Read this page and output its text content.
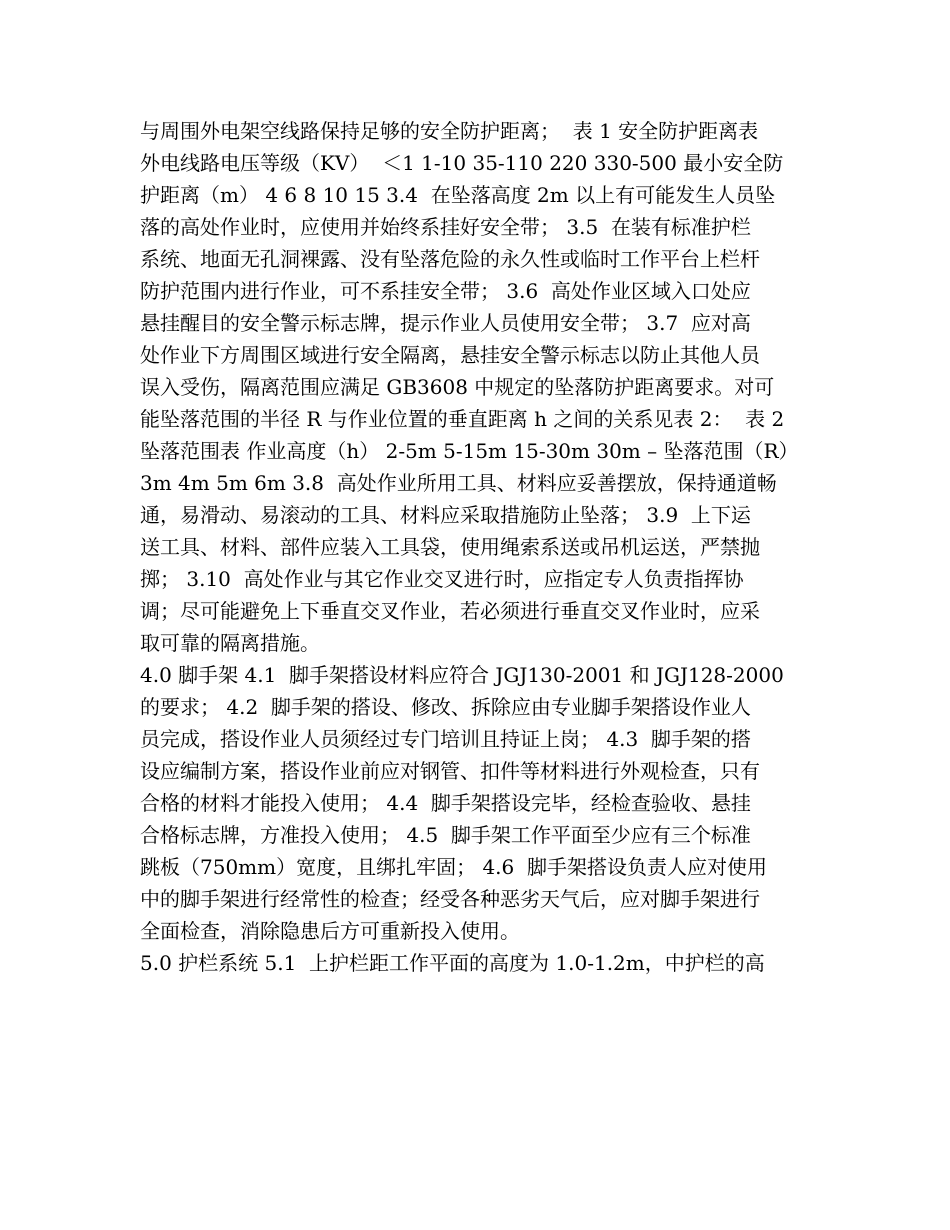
与周围外电架空线路保持足够的安全防护距离；  表 1 安全防护距离表
外电线路电压等级（KV）  ＜1 1-10 35-110 220 330-500 最小安全防
护距离（m） 4 6 8 10 15 3.4  在坠落高度 2m 以上有可能发生人员坠
落的高处作业时，应使用并始终系挂好安全带； 3.5  在装有标准护栏
系统、地面无孔洞裸露、没有坠落危险的永久性或临时工作平台上栏杆
防护范围内进行作业，可不系挂安全带； 3.6  高处作业区域入口处应
悬挂醒目的安全警示标志牌，提示作业人员使用安全带； 3.7  应对高
处作业下方周围区域进行安全隔离，悬挂安全警示标志以防止其他人员
误入受伤，隔离范围应满足 GB3608 中规定的坠落防护距离要求。对可
能坠落范围的半径 R 与作业位置的垂直距离 h 之间的关系见表 2：  表 2
坠落范围表 作业高度（h） 2-5m 5-15m 15-30m 30m – 坠落范围（R）
3m 4m 5m 6m 3.8  高处作业所用工具、材料应妥善摆放，保持通道畅
通，易滑动、易滚动的工具、材料应采取措施防止坠落； 3.9  上下运
送工具、材料、部件应装入工具袋，使用绳索系送或吊机运送，严禁抛
掷； 3.10  高处作业与其它作业交叉进行时，应指定专人负责指挥协
调；尽可能避免上下垂直交叉作业，若必须进行垂直交叉作业时，应采
取可靠的隔离措施。
4.0 脚手架 4.1  脚手架搭设材料应符合 JGJ130-2001 和 JGJ128-2000
的要求； 4.2  脚手架的搭设、修改、拆除应由专业脚手架搭设作业人
员完成，搭设作业人员须经过专门培训且持证上岗； 4.3  脚手架的搭
设应编制方案，搭设作业前应对钢管、扣件等材料进行外观检查，只有
合格的材料才能投入使用； 4.4  脚手架搭设完毕，经检查验收、悬挂
合格标志牌，方准投入使用； 4.5  脚手架工作平面至少应有三个标准
跳板（750mm）宽度，且绑扎牢固； 4.6  脚手架搭设负责人应对使用
中的脚手架进行经常性的检查；经受各种恶劣天气后，应对脚手架进行
全面检查，消除隐患后方可重新投入使用。
5.0 护栏系统 5.1  上护栏距工作平面的高度为 1.0-1.2m，中护栏的高
